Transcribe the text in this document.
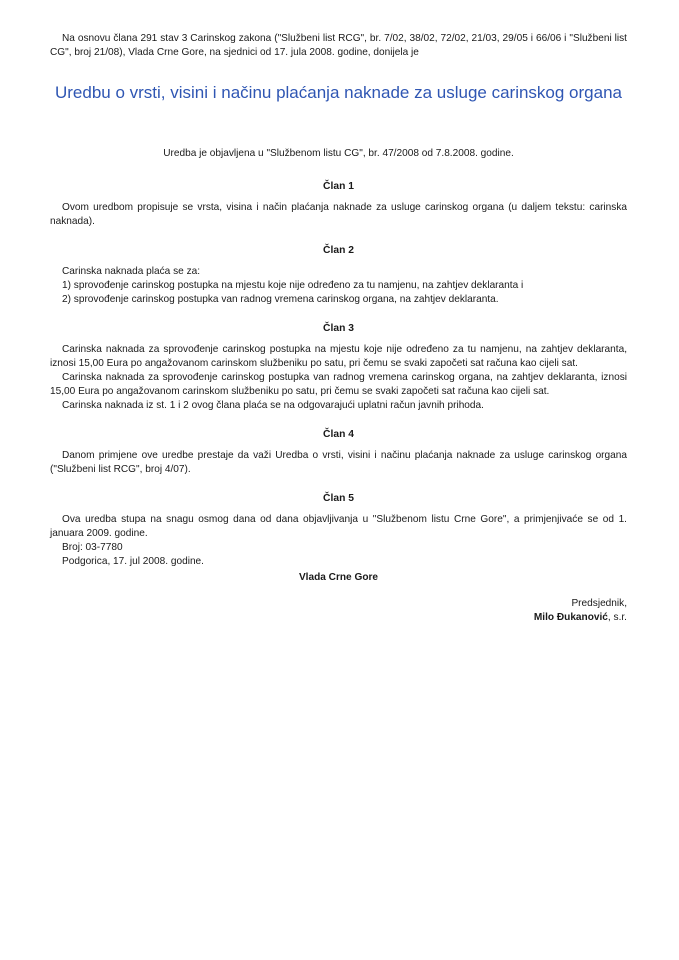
Na osnovu člana 291 stav 3 Carinskog zakona ("Službeni list RCG", br. 7/02, 38/02, 72/02, 21/03, 29/05 i 66/06 i "Službeni list CG", broj 21/08), Vlada Crne Gore, na sjednici od 17. jula 2008. godine, donijela je

Uredbu o vrsti, visini i načinu plaćanja naknade za usluge carinskog organa

Uredba je objavljena u "Službenom listu CG", br. 47/2008 od 7.8.2008. godine.

Član 1

Ovom uredbom propisuje se vrsta, visina i način plaćanja naknade za usluge carinskog organa (u daljem tekstu: carinska naknada).

Član 2

Carinska naknada plaća se za:

1) sprovođenje carinskog postupka na mjestu koje nije određeno za tu namjenu, na zahtjev deklaranta i

2) sprovođenje carinskog postupka van radnog vremena carinskog organa, na zahtjev deklaranta.

Član 3

Carinska naknada za sprovođenje carinskog postupka na mjestu koje nije određeno za tu namjenu, na zahtjev deklaranta, iznosi 15,00 Eura po angažovanom carinskom službeniku po satu, pri čemu se svaki započeti sat računa kao cijeli sat.

Carinska naknada za sprovođenje carinskog postupka van radnog vremena carinskog organa, na zahtjev deklaranta, iznosi 15,00 Eura po angažovanom carinskom službeniku po satu, pri čemu se svaki započeti sat računa kao cijeli sat.

Carinska naknada iz st. 1 i 2 ovog člana plaća se na odgovarajući uplatni račun javnih prihoda.

Član 4

Danom primjene ove uredbe prestaje da važi Uredba o vrsti, visini i načinu plaćanja naknade za usluge carinskog organa ("Službeni list RCG", broj 4/07).

Član 5

Ova uredba stupa na snagu osmog dana od dana objavljivanja u "Službenom listu Crne Gore", a primjenjivaće se od 1. januara 2009. godine.

Broj: 03-7780

Podgorica, 17. jul 2008. godine.

Vlada Crne Gore

Predsjednik,

Milo Đukanović, s.r.
